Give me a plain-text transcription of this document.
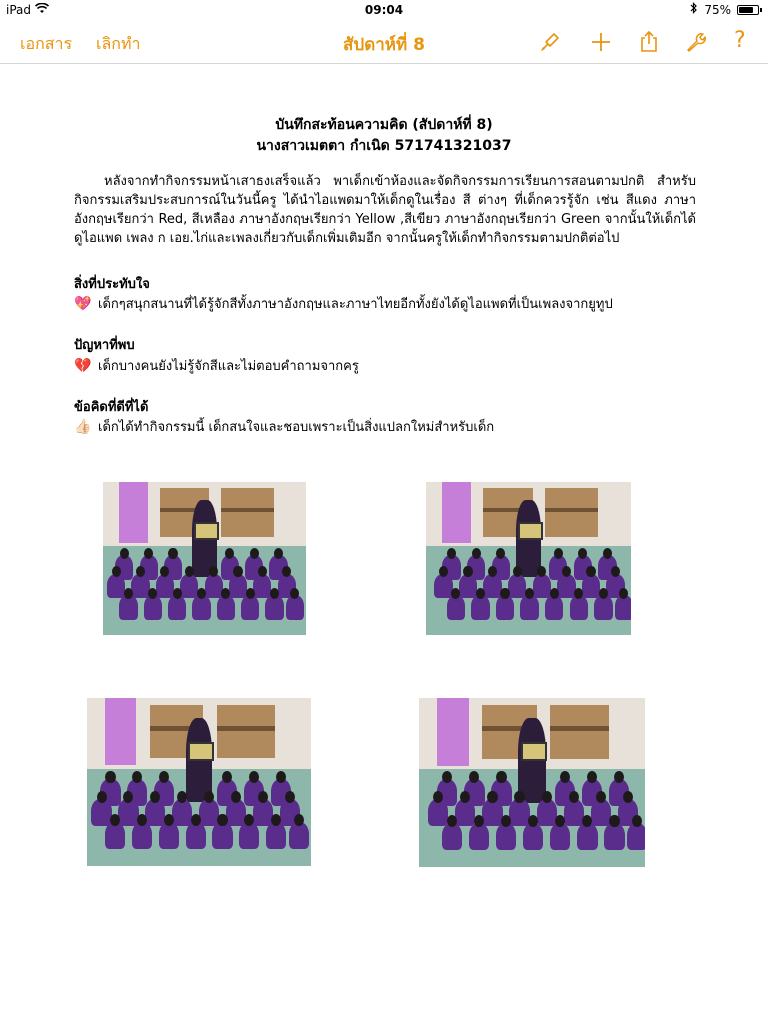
iPad	09:04	75%
เอกสาร เลิกทำ	สัปดาห์ที่ 8	?
บันทึกสะท้อนความคิด (สัปดาห์ที่ 8)
นางสาวเมตตา กำเนิด 571741321037
หลังจากทำกิจกรรมหน้าเสาธงเสร็จแล้ว พาเด็กเข้าห้องและจัดกิจกรรมการเรียนการสอนตามปกติ สำหรับกิจกรรมเสริมประสบการณ์ในวันนี้ครู ได้นำไอแพดมาให้เด็กดูในเรื่อง สี ต่างๆ ที่เด็กควรรู้จัก เช่น สีแดง ภาษาอังกฤษเรียกว่า Red, สีเหลือง ภาษาอังกฤษเรียกว่า Yellow ,สีเขียว ภาษาอังกฤษเรียกว่า Green จากนั้นให้เด็กได้ดูไอแพด เพลง ก เอย.ไก่และเพลงเกี่ยวกับเด็กเพิ่มเติมอีก จากนั้นครูให้เด็กทำกิจกรรมตามปกติต่อไป
สิ่งที่ประทับใจ
💖 เด็กๆสนุกสนานที่ได้รู้จักสีทั้งภาษาอังกฤษและภาษาไทยอีกทั้งยังได้ดูไอแพดที่เป็นเพลงจากยูทูป
ปัญหาที่พบ
💔 เด็กบางคนยังไม่รู้จักสีและไม่ตอบคำถามจากครู
ข้อคิดที่ดีที่ได้
👍🏻 เด็กได้ทำกิจกรรมนี้ เด็กสนใจและชอบเพราะเป็นสิ่งแปลกใหม่สำหรับเด็ก
